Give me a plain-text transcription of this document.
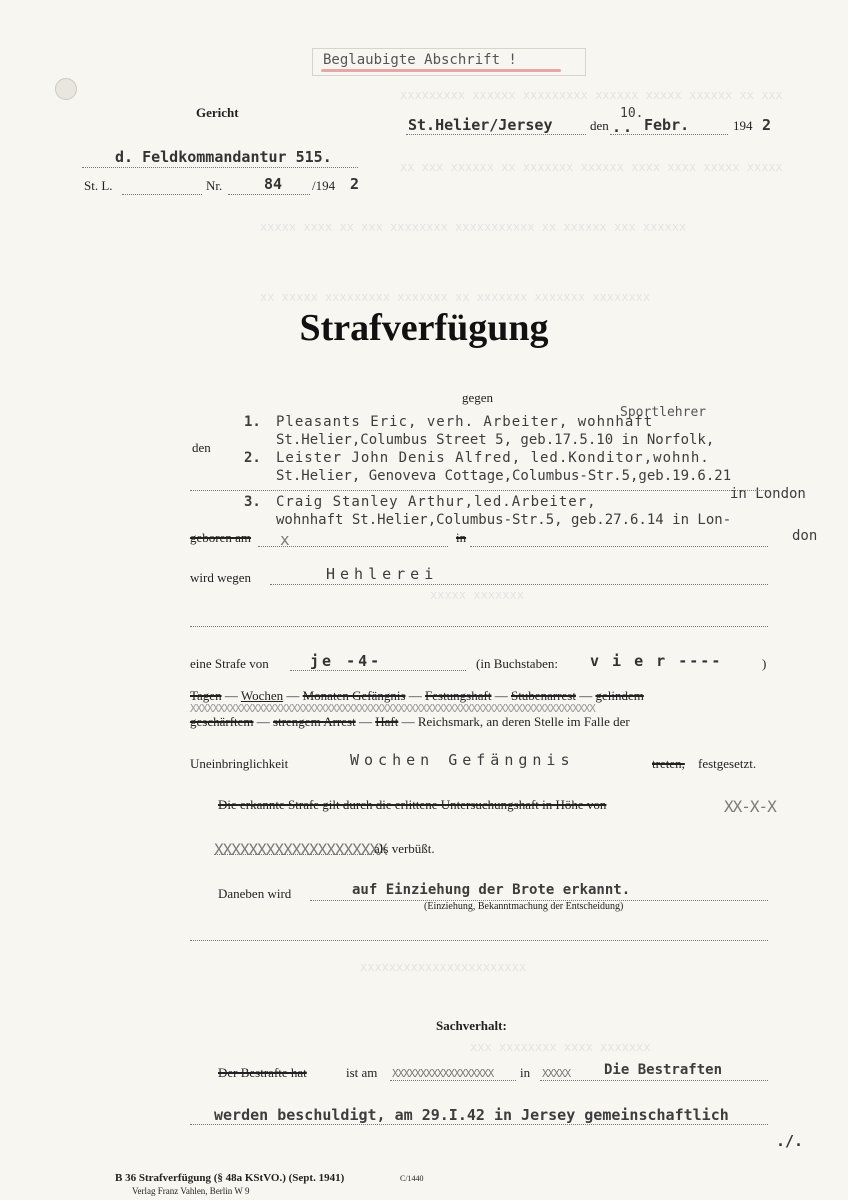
xxxxxxxxx xxxxxx xxxxxxxxx xxxxxx xxxxx xxxxxx xx xxx
xx xxx xxxxxx xx xxxxxxx xxxxxx xxxx xxxx xxxxx xxxxx
xxxxx xxxx xx xxx xxxxxxxx xxxxxxxxxxx xx xxxxxx xxx xxxxxx
xx xxxxx xxxxxxxxx xxxxxxx xx xxxxxxx xxxxxxx xxxxxxxx
xxxxx xxxxxxx
xxxxxxxxxxxxxxxxxxxxxxx
xxx xxxxxxxx xxxx xxxxxxx
Beglaubigte Abschrift !
Gericht
St.Helier/Jersey	den
10.
.. Febr.	194 2
d. Feldkommandantur 515.
St. L.	Nr.	84 /194 2
Strafverfügung
gegen
den
Sportlehrer
1. Pleasants Eric, verh. Arbeiter, wohnhaft
St.Helier,Columbus Street 5, geb.17.5.10 in Norfolk,
2. Leister John Denis Alfred, led.Konditor,wohnh.
St.Helier, Genoveva Cottage,Columbus-Str.5,geb.19.6.21
in London
3. Craig Stanley Arthur,led.Arbeiter,
wohnhaft St.Helier,Columbus-Str.5, geb.27.6.14 in Lon-
don
geboren am x	in
wird wegen	Hehlerei
eine Strafe von	je -4-	(in Buchstaben: v i e r ----	)
Tagen — Wochen — Monaten Gefängnis — Festungshaft — Stubenarrest — gelindem
XXXXXXXXXXXXXXXXXXXXXXXXXXXXXXXXXXXXXXXXXXXXXXXXXXXXXXXXXXXXXXXXXXXXXXXX
geschärftem — strengem Arrest — Haft — Reichsmark, an deren Stelle im Falle der
Uneinbringlichkeit	Wochen Gefängnis	treten, festgesetzt.
Die erkannte Strafe gilt durch die erlittene Untersuchungshaft in Höhe von	XX-X-X
XXXXXXXXXXXXXXXXXXXX
als verbüßt.
Daneben wird	auf Einziehung der Brote erkannt.
(Einziehung, Bekanntmachung der Entscheidung)
Sachverhalt:
Der Bestrafte hat	ist am XXXXXXXXXXXXXXXXXX in XXXXX Die Bestraften
werden beschuldigt, am 29.I.42 in Jersey gemeinschaftlich
./.
B 36 Strafverfügung (§ 48a KStVO.) (Sept. 1941)	C/1440
Verlag Franz Vahlen, Berlin W 9
